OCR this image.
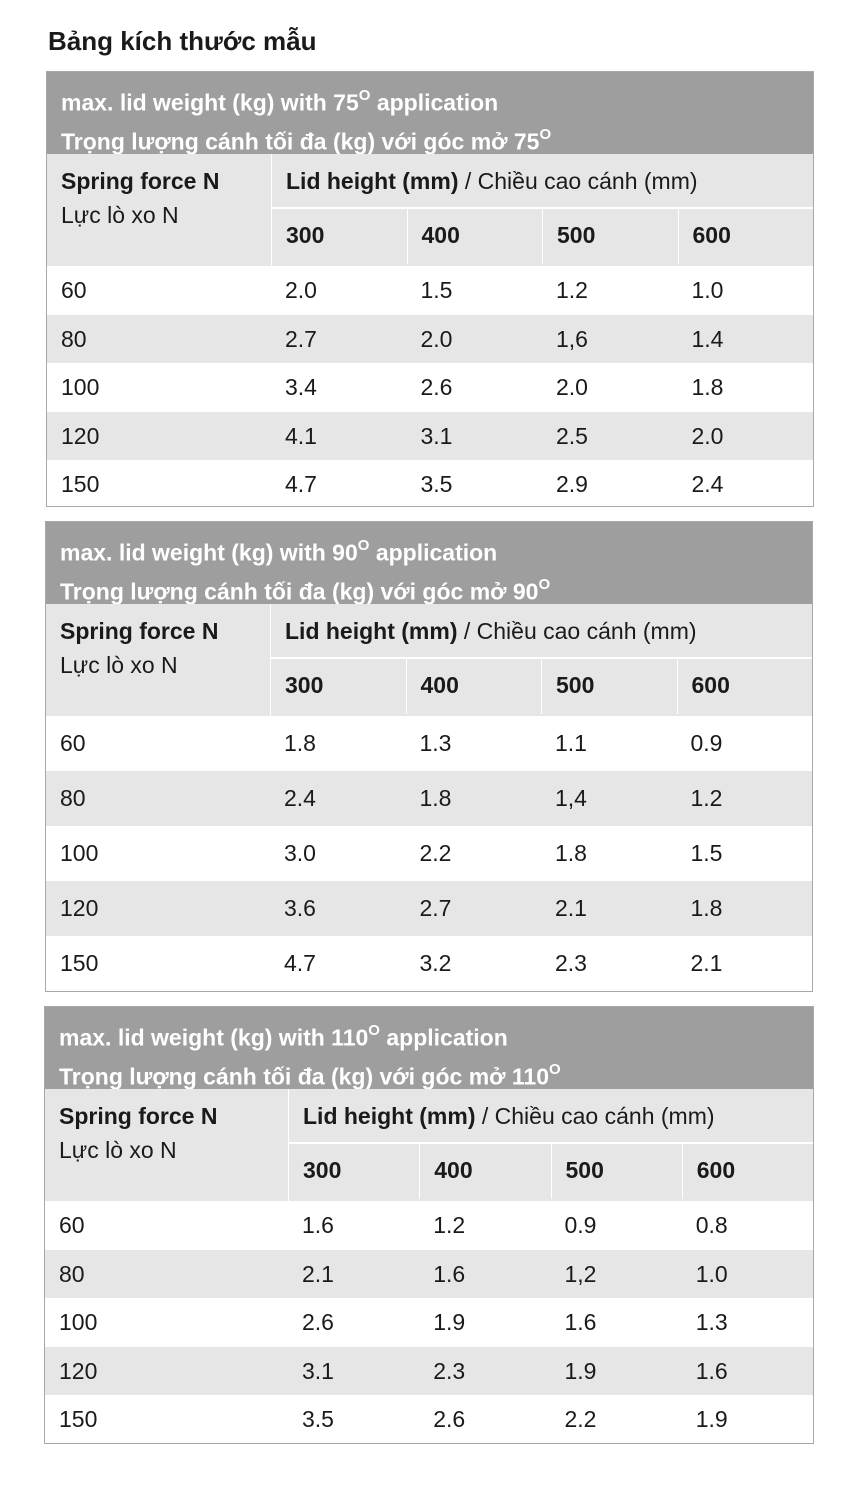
Bảng kích thước mẫu
max. lid weight (kg) with $75^O$ application
Trọng lượng cánh tối đa (kg) với góc mở $75^O$
Spring force N
Lực lò xo N
Lid height (mm) / Chiều cao cánh (mm)
300	400	500	600
60	2.0	1.5	1.2	1.0
80	2.7	2.0	1,6	1.4
100	3.4	2.6	2.0	1.8
120	4.1	3.1	2.5	2.0
150	4.7	3.5	2.9	2.4
max. lid weight (kg) with $90^O$ application
Trọng lượng cánh tối đa (kg) với góc mở $90^O$
Spring force N
Lực lò xo N
Lid height (mm) / Chiều cao cánh (mm)
300	400	500	600
60	1.8	1.3	1.1	0.9
80	2.4	1.8	1,4	1.2
100	3.0	2.2	1.8	1.5
120	3.6	2.7	2.1	1.8
150	4.7	3.2	2.3	2.1
max. lid weight (kg) with $110^O$ application
Trọng lượng cánh tối đa (kg) với góc mở $110^O$
Spring force N
Lực lò xo N
Lid height (mm) / Chiều cao cánh (mm)
300	400	500	600
60	1.6	1.2	0.9	0.8
80	2.1	1.6	1,2	1.0
100	2.6	1.9	1.6	1.3
120	3.1	2.3	1.9	1.6
150	3.5	2.6	2.2	1.9
